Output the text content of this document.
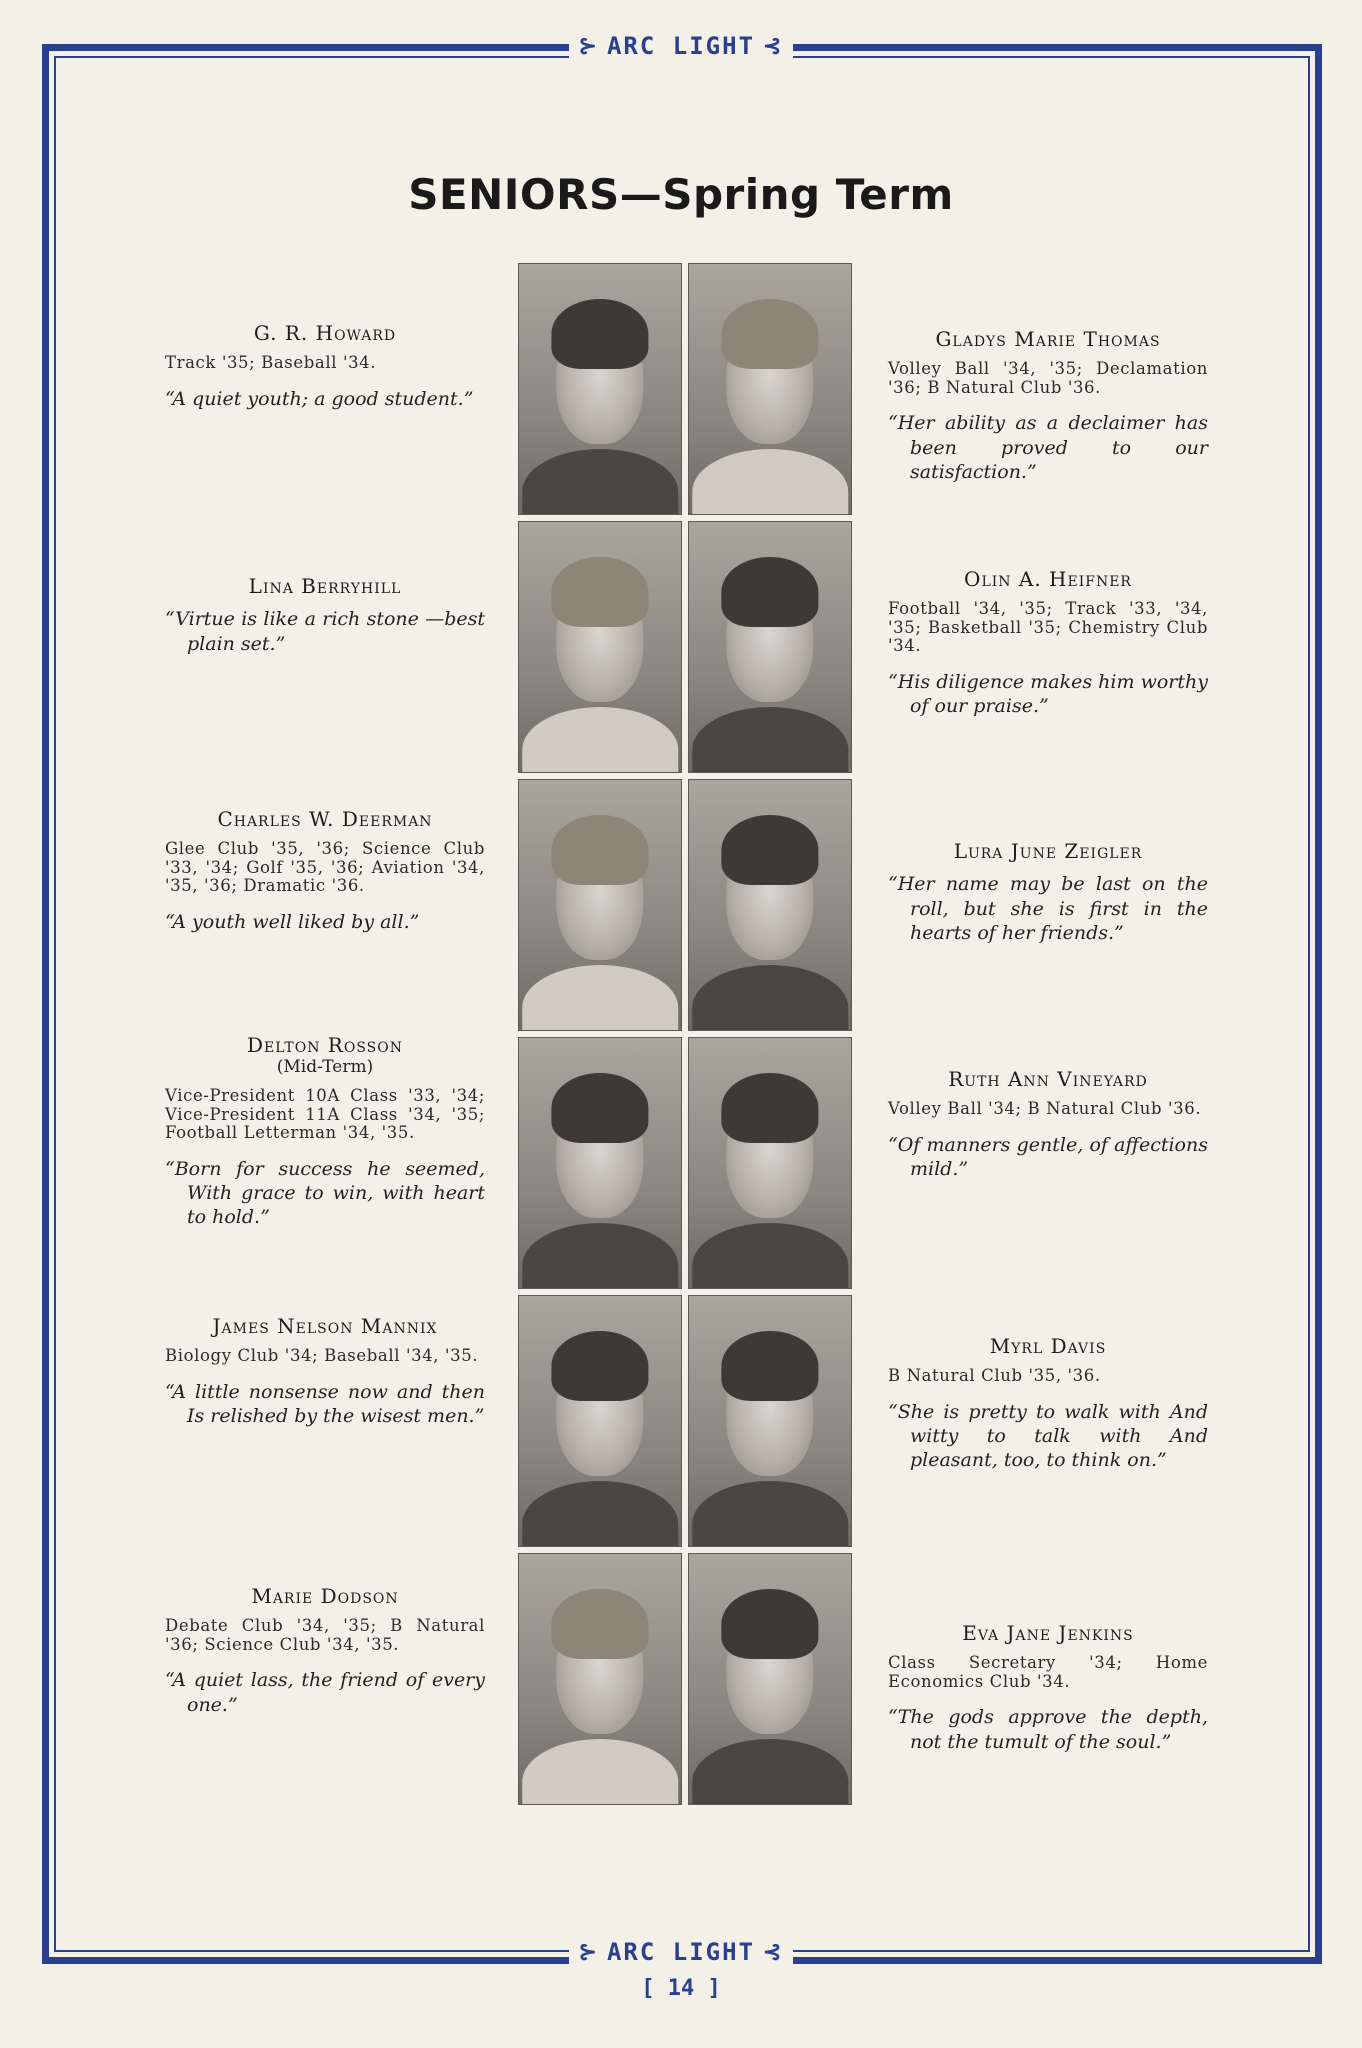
⊱ ARC LIGHT ⊰
SENIORS—Spring Term
G. R. Howard
Track '35; Baseball '34.
“A quiet youth; a good student.”
Lina Berryhill
“Virtue is like a rich stone —best plain set.”
Charles W. Deerman
Glee Club '35, '36; Science Club '33, '34; Golf '35, '36; Aviation '34, '35, '36; Dramatic '36.
“A youth well liked by all.”
Delton Rosson
(Mid-Term)
Vice-President 10A Class '33, '34; Vice-President 11A Class '34, '35; Football Letterman '34, '35.
“Born for success he seemed, With grace to win, with heart to hold.”
James Nelson Mannix
Biology Club '34; Baseball '34, '35.
“A little nonsense now and then Is relished by the wisest men.”
Marie Dodson
Debate Club '34, '35; B Natural '36; Science Club '34, '35.
“A quiet lass, the friend of every one.”
Gladys Marie Thomas
Volley Ball '34, '35; Declamation '36; B Natural Club '36.
“Her ability as a declaimer has been proved to our satisfaction.”
Olin A. Heifner
Football '34, '35; Track '33, '34, '35; Basketball '35; Chemistry Club '34.
“His diligence makes him worthy of our praise.”
Lura June Zeigler
“Her name may be last on the roll, but she is first in the hearts of her friends.”
Ruth Ann Vineyard
Volley Ball '34; B Natural Club '36.
“Of manners gentle, of affections mild.”
Myrl Davis
B Natural Club '35, '36.
“She is pretty to walk with And witty to talk with And pleasant, too, to think on.”
Eva Jane Jenkins
Class Secretary '34; Home Economics Club '34.
“The gods approve the depth, not the tumult of the soul.”
⊱ ARC LIGHT ⊰
[ 14 ]
